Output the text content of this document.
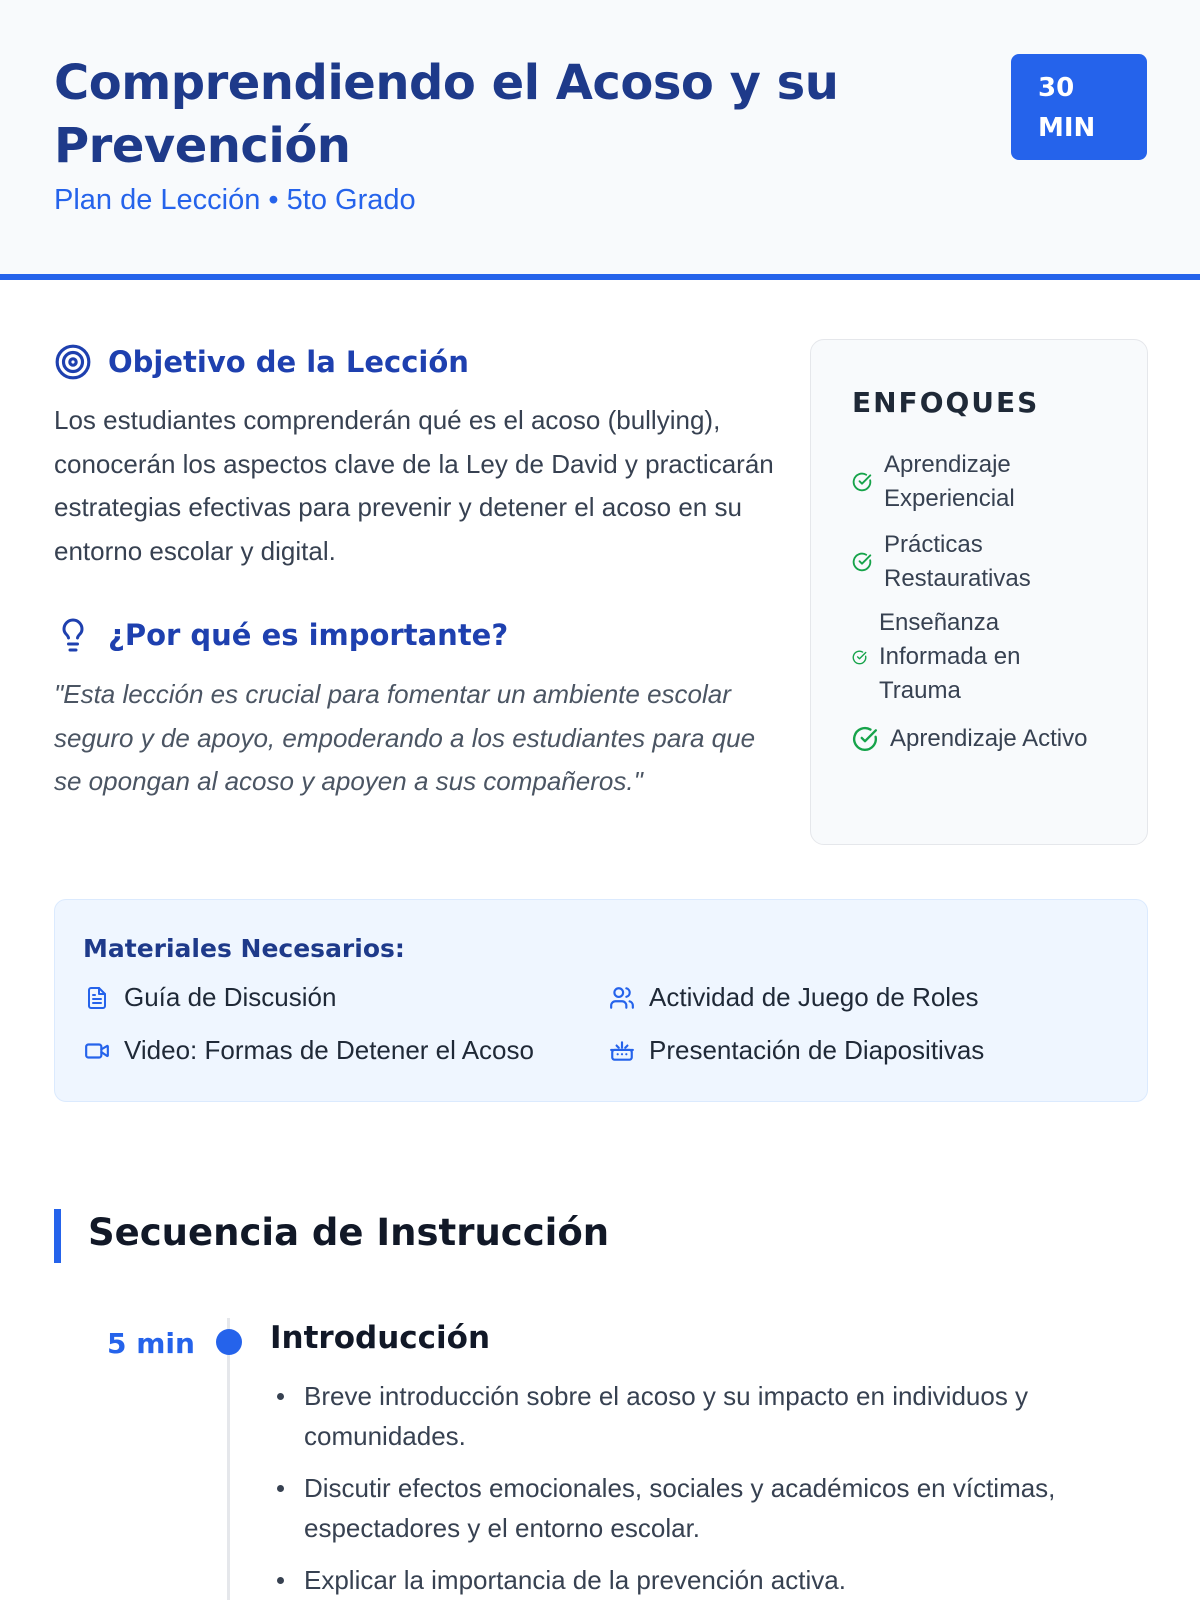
Comprendiendo el Acoso y su Prevención
Plan de Lección • 5to Grado
30
MIN
Objetivo de la Lección

Los estudiantes comprenderán qué es el acoso (bullying), conocerán los aspectos clave de la Ley de David y practicarán estrategias efectivas para prevenir y detener el acoso en su entorno escolar y digital.

¿Por qué es importante?

"Esta lección es crucial para fomentar un ambiente escolar seguro y de apoyo, empoderando a los estudiantes para que se opongan al acoso y apoyen a sus compañeros."

ENFOQUES
Aprendizaje Experiencial
Prácticas Restaurativas
Enseñanza Informada en Trauma
Aprendizaje Activo
Materiales Necesarios:
Guía de Discusión	Actividad de Juego de Roles
Video: Formas de Detener el Acoso	Presentación de Diapositivas
Secuencia de Instrucción
5 min Introducción
Breve introducción sobre el acoso y su impacto en individuos y comunidades.
Discutir efectos emocionales, sociales y académicos en víctimas, espectadores y el entorno escolar.
Explicar la importancia de la prevención activa.
